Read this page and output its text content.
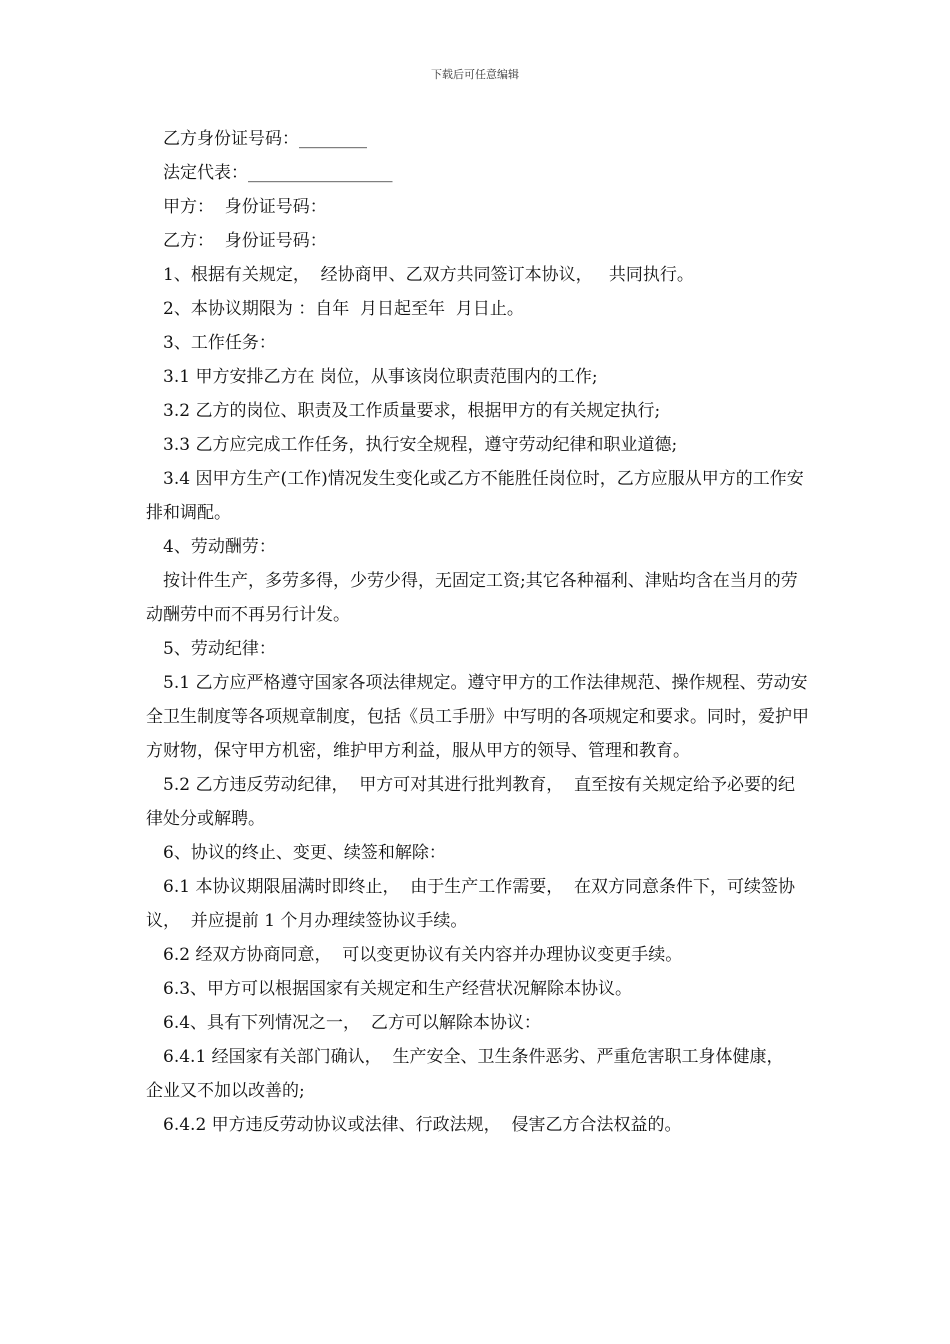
下载后可任意编辑

乙方身份证号码：________

法定代表：_________________

甲方：  身份证号码：

乙方：  身份证号码：

1、根据有关规定，  经协商甲、乙双方共同签订本协议，   共同执行。

2、本协议期限为 ：自年  月日起至年  月日止。

3、工作任务：

3.1 甲方安排乙方在 岗位，从事该岗位职责范围内的工作;

3.2 乙方的岗位、职责及工作质量要求，根据甲方的有关规定执行;

3.3 乙方应完成工作任务，执行安全规程，遵守劳动纪律和职业道德;

3.4 因甲方生产(工作)情况发生变化或乙方不能胜任岗位时，乙方应服从甲方的工作安排和调配。

4、劳动酬劳：

按计件生产，多劳多得，少劳少得，无固定工资;其它各种福利、津贴均含在当月的劳动酬劳中而不再另行计发。

5、劳动纪律：

5.1 乙方应严格遵守国家各项法律规定。遵守甲方的工作法律规范、操作规程、劳动安全卫生制度等各项规章制度，包括《员工手册》中写明的各项规定和要求。同时，爱护甲方财物，保守甲方机密，维护甲方利益，服从甲方的领导、管理和教育。

5.2 乙方违反劳动纪律，  甲方可对其进行批判教育，  直至按有关规定给予必要的纪律处分或解聘。

6、协议的终止、变更、续签和解除：

6.1 本协议期限届满时即终止，  由于生产工作需要，  在双方同意条件下，可续签协议，  并应提前 1 个月办理续签协议手续。

6.2 经双方协商同意，  可以变更协议有关内容并办理协议变更手续。

6.3、甲方可以根据国家有关规定和生产经营状况解除本协议。

6.4、具有下列情况之一，  乙方可以解除本协议：

6.4.1 经国家有关部门确认，  生产安全、卫生条件恶劣、严重危害职工身体健康，  企业又不加以改善的;

6.4.2 甲方违反劳动协议或法律、行政法规，  侵害乙方合法权益的。
